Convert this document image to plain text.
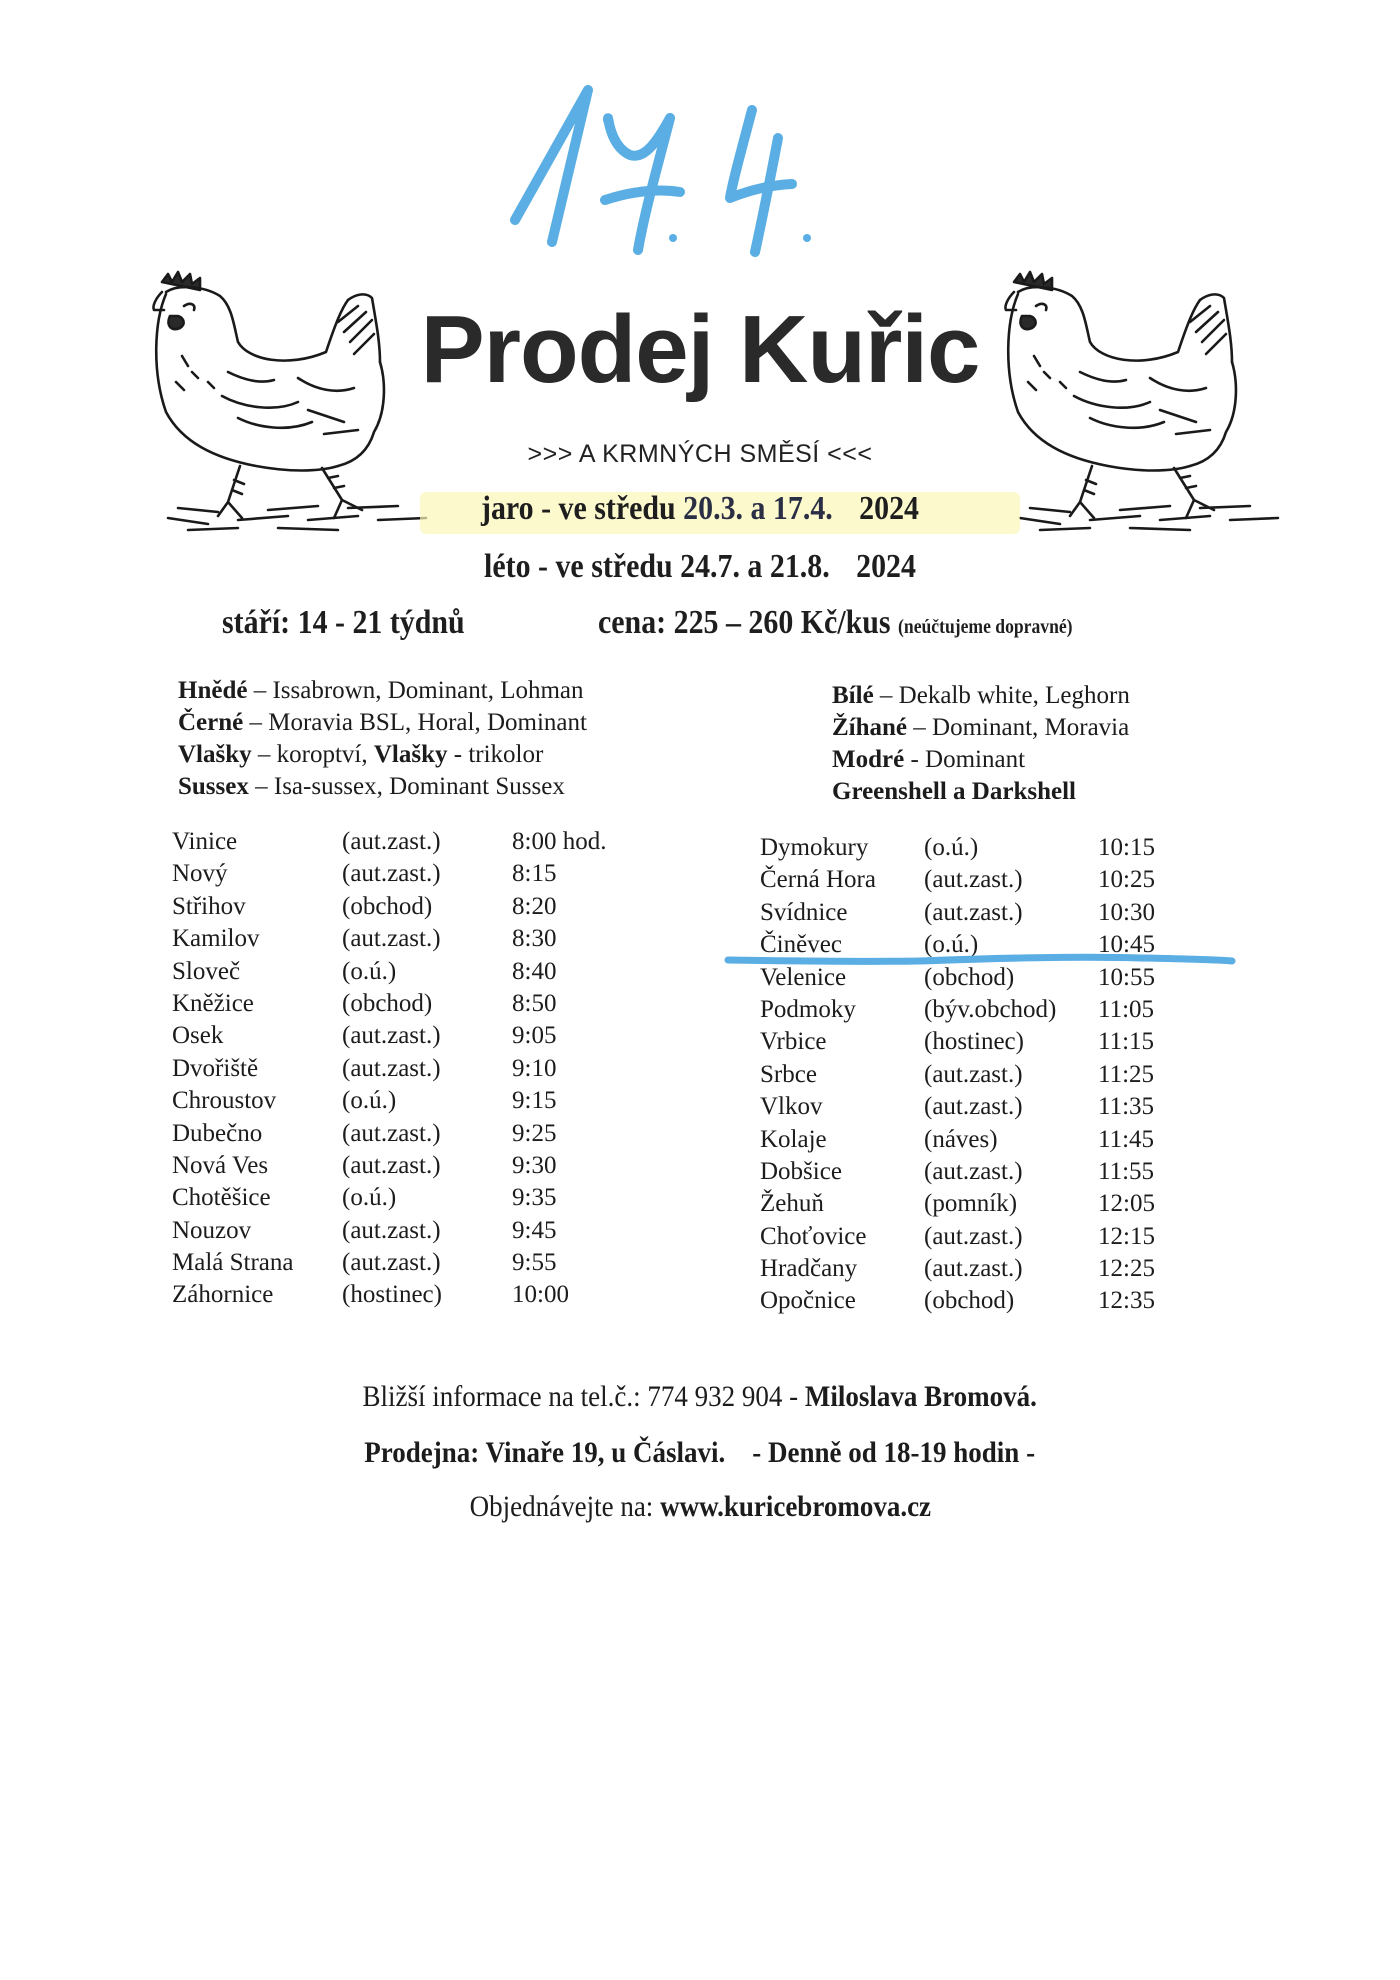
Prodej Kuřic
>>> A KRMNÝCH SMĚSÍ <<<
jaro - ve středu 20.3. a 17.4. 2024
léto - ve středu 24.7. a 21.8. 2024
stáří: 14 - 21 týdnů	cena: 225 – 260 Kč/kus (neúčtujeme dopravné)
Hnědé – Issabrown, Dominant, Lohman
Černé – Moravia BSL, Horal, Dominant
Vlašky – koroptví, Vlašky - trikolor
Sussex – Isa-sussex, Dominant Sussex
Bílé – Dekalb white, Leghorn
Žíhané – Dominant, Moravia
Modré - Dominant
Greenshell a Darkshell
Vinice	(aut.zast.)	8:00 hod.
Nový	(aut.zast.)	8:15
Střihov	(obchod)	8:20
Kamilov	(aut.zast.)	8:30
Sloveč	(o.ú.)	8:40
Kněžice	(obchod)	8:50
Osek	(aut.zast.)	9:05
Dvořiště	(aut.zast.)	9:10
Chroustov	(o.ú.)	9:15
Dubečno	(aut.zast.)	9:25
Nová Ves	(aut.zast.)	9:30
Chotěšice	(o.ú.)	9:35
Nouzov	(aut.zast.)	9:45
Malá Strana (aut.zast.)	9:55
Záhornice	(hostinec)	10:00
Dymokury (o.ú.)	10:15
Černá Hora (aut.zast.)	10:25
Svídnice	(aut.zast.)	10:30
Činěvec	(o.ú.)	10:45
Velenice	(obchod)	10:55
Podmoky	(býv.obchod) 11:05
Vrbice	(hostinec)	11:15
Srbce	(aut.zast.)	11:25
Vlkov	(aut.zast.)	11:35
Kolaje	(náves)	11:45
Dobšice	(aut.zast.)	11:55
Žehuň	(pomník)	12:05
Choťovice (aut.zast.)	12:15
Hradčany	(aut.zast.)	12:25
Opočnice	(obchod)	12:35
Bližší informace na tel.č.: 774 932 904 - Miloslava Bromová.
Prodejna: Vinaře 19, u Čáslavi. - Denně od 18-19 hodin -
Objednávejte na: www.kuricebromova.cz
